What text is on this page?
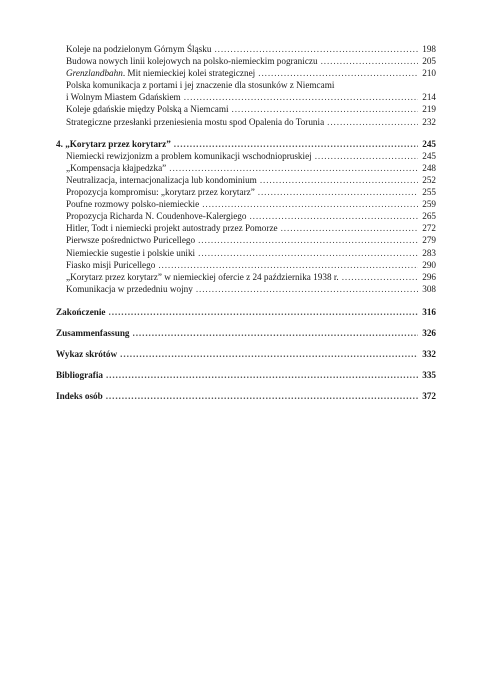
Koleje na podzielonym Górnym Śląsku .....	198
Budowa nowych linii kolejowych na polsko-niemieckim pograniczu .....	205
Grenzlandbahn. Mit niemieckiej kolei strategicznej .....	210
Polska komunikacja z portami i jej znaczenie dla stosunków z Niemcami
i Wolnym Miastem Gdańskiem .....	214
Koleje gdańskie między Polską a Niemcami .....	219
Strategiczne przesłanki przeniesienia mostu spod Opalenia do Torunia .....	232
4. „Korytarz przez korytarz” .....	245
Niemiecki rewizjonizm a problem komunikacji wschodniopruskiej .....	245
„Kompensacja kłajpedzka” .....	248
Neutralizacja, internacjonalizacja lub kondominium .....	252
Propozycja kompromisu: „korytarz przez korytarz” .....	255
Poufne rozmowy polsko-niemieckie .....	259
Propozycja Richarda N. Coudenhove-Kalergiego .....	265
Hitler, Todt i niemiecki projekt autostrady przez Pomorze .....	272
Pierwsze pośrednictwo Puricellego .....	279
Niemieckie sugestie i polskie uniki .....	283
Fiasko misji Puricellego .....	290
„Korytarz przez korytarz” w niemieckiej ofercie z 24 października 1938 r. .....	296
Komunikacja w przededniu wojny .....	308
Zakończenie .....	316
Zusammenfassung .....	326
Wykaz skrótów .....	332
Bibliografia .....	335
Indeks osób .....	372
